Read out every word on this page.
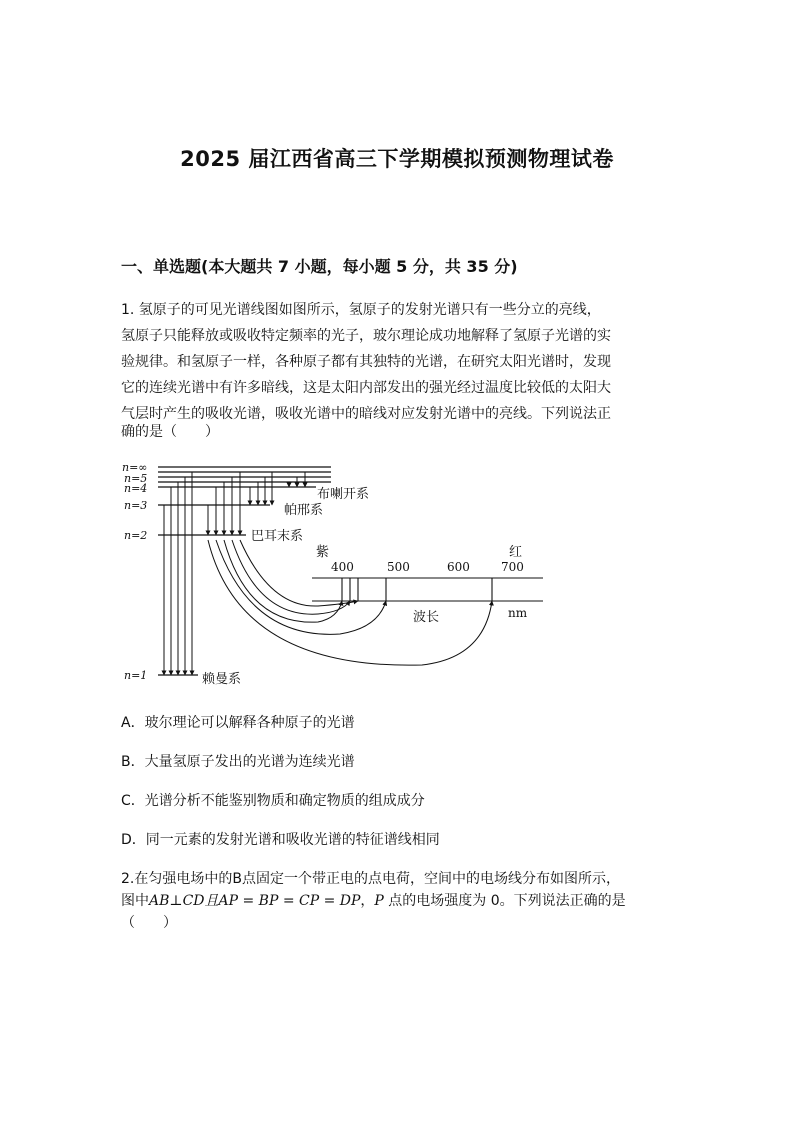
2025 届江西省高三下学期模拟预测物理试卷
一、单选题(本大题共 7 小题，每小题 5 分，共 35 分)
1. 氢原子的可见光谱线图如图所示，氢原子的发射光谱只有一些分立的亮线，
氢原子只能释放或吸收特定频率的光子，玻尔理论成功地解释了氢原子光谱的实
验规律。和氢原子一样，各种原子都有其独特的光谱，在研究太阳光谱时，发现
它的连续光谱中有许多暗线，这是太阳内部发出的强光经过温度比较低的太阳大
气层时产生的吸收光谱，吸收光谱中的暗线对应发射光谱中的亮线。下列说法正
确的是（　　）
n=∞
n=5
n=4
n=3
n=2
n=1
布喇开系
帕邢系
巴耳末系
赖曼系
紫	红
波长
400	500	600	700
nm
A．玻尔理论可以解释各种原子的光谱
B．大量氢原子发出的光谱为连续光谱
C．光谱分析不能鉴别物质和确定物质的组成成分
D．同一元素的发射光谱和吸收光谱的特征谱线相同
2.在匀强电场中的B点固定一个带正电的点电荷，空间中的电场线分布如图所示，
图中AB⊥CD且AP = BP = CP = DP，P 点的电场强度为 0。下列说法正确的是
（　　）
